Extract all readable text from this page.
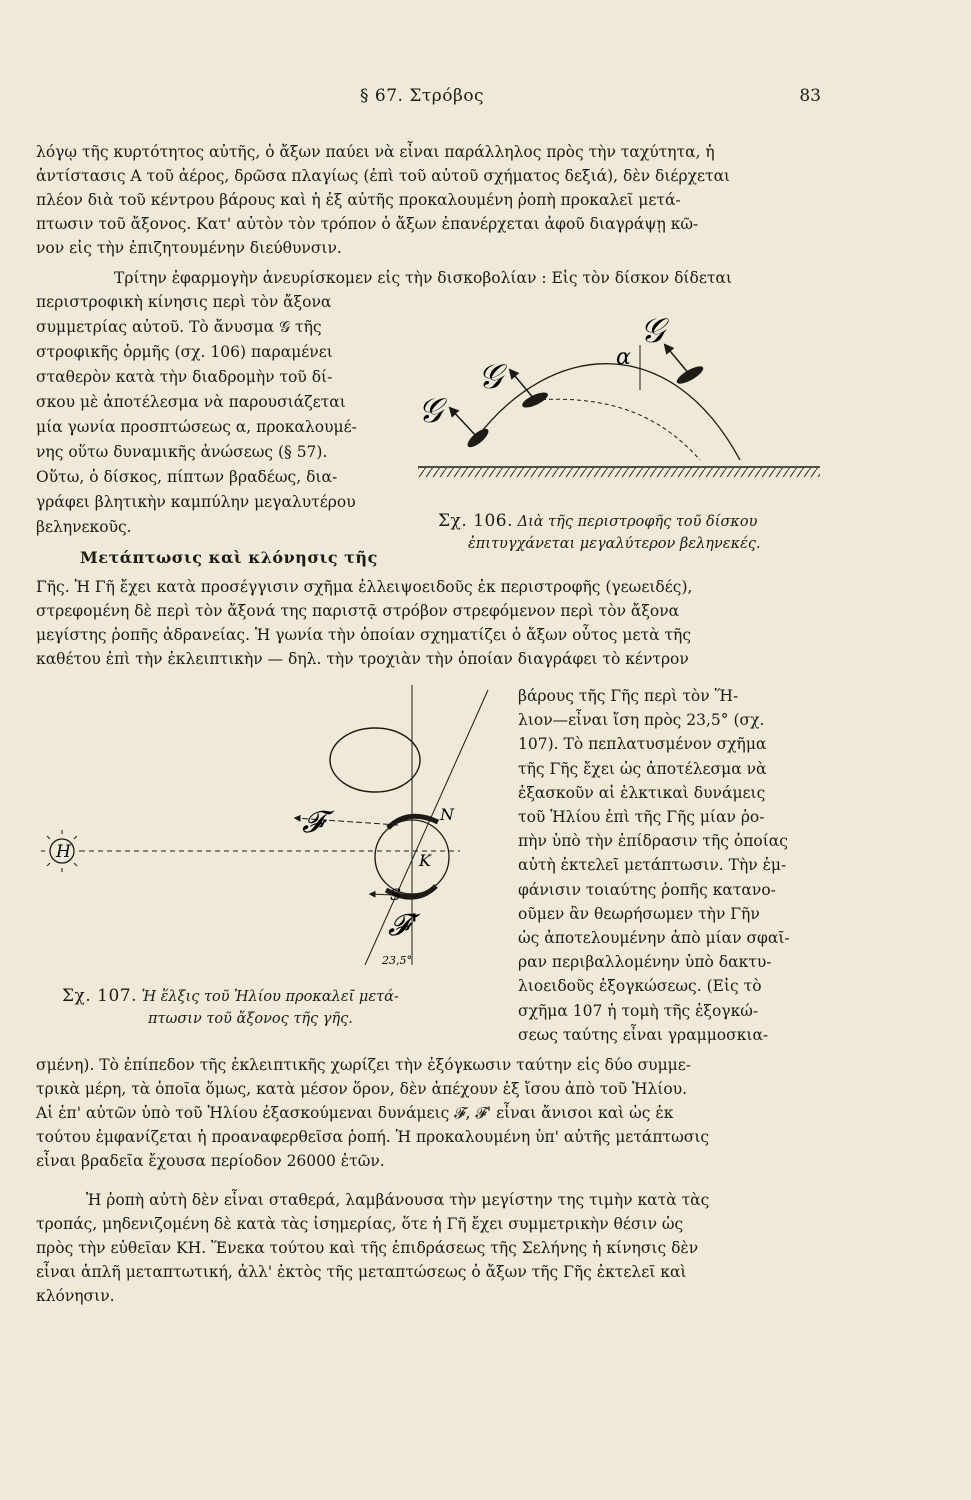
§ 67. Στρόβος	83
λόγῳ τῆς κυρτότητος αὐτῆς, ὁ ἄξων παύει νὰ εἶναι παράλληλος πρὸς τὴν ταχύτητα, ἡ
ἀντίστασις Α τοῦ ἀέρος, δρῶσα πλαγίως (ἐπὶ τοῦ αὐτοῦ σχήματος δεξιά), δὲν διέρχεται
πλέον διὰ τοῦ κέντρου βάρους καὶ ἡ ἐξ αὐτῆς προκαλουμένη ῥοπὴ προκαλεῖ μετά-
πτωσιν τοῦ ἄξονος. Κατ' αὐτὸν τὸν τρόπον ὁ ἄξων ἐπανέρχεται ἀφοῦ διαγράψῃ κῶ-
νον εἰς τὴν ἐπιζητουμένην διεύθυνσιν.
Τρίτην ἐφαρμογὴν ἀνευρίσκομεν εἰς τὴν δισκοβολίαν : Εἰς τὸν δίσκον δίδεται
περιστροφικὴ κίνησις περὶ τὸν ἄξονα
συμμετρίας αὐτοῦ. Τὸ ἄνυσμα 𝒢 τῆς
στροφικῆς ὁρμῆς (σχ. 106) παραμένει
σταθερὸν κατὰ τὴν διαδρομὴν τοῦ δί-
σκου μὲ ἀποτέλεσμα νὰ παρουσιάζεται
μία γωνία προσπτώσεως α, προκαλουμέ-
νης οὕτω δυναμικῆς ἀνώσεως (§ 57).
Οὕτω, ὁ δίσκος, πίπτων βραδέως, δια-
γράφει βλητικὴν καμπύλην μεγαλυτέρου
βεληνεκοῦς.
𝒢
𝒢
𝒢
α
Σχ. 106. Διὰ τῆς περιστροφῆς τοῦ δίσκου
ἐπιτυγχάνεται μεγαλύτερον βεληνεκές.
Μετάπτωσις καὶ κλόνησις τῆς
Γῆς. Ἡ Γῆ ἔχει κατὰ προσέγγισιν σχῆμα ἐλλειψοειδοῦς ἐκ περιστροφῆς (γεωειδές),
στρεφομένη δὲ περὶ τὸν ἄξονά της παριστᾷ στρόβον στρεφόμενον περὶ τὸν ἄξονα
μεγίστης ῥοπῆς ἀδρανείας. Ἡ γωνία τὴν ὁποίαν σχηματίζει ὁ ἄξων οὗτος μετὰ τῆς
καθέτου ἐπὶ τὴν ἐκλειπτικὴν — δηλ. τὴν τροχιὰν τὴν ὁποίαν διαγράφει τὸ κέντρον
βάρους τῆς Γῆς περὶ τὸν Ἥ-
λιον—εἶναι ἴση πρὸς 23,5° (σχ.
107). Τὸ πεπλατυσμένον σχῆμα
τῆς Γῆς ἔχει ὡς ἀποτέλεσμα νὰ
ἐξασκοῦν αἱ ἑλκτικαὶ δυνάμεις
τοῦ Ἡλίου ἐπὶ τῆς Γῆς μίαν ῥο-
πὴν ὑπὸ τὴν ἐπίδρασιν τῆς ὁποίας
αὐτὴ ἐκτελεῖ μετάπτωσιν. Τὴν ἐμ-
φάνισιν τοιαύτης ῥοπῆς κατανο-
οῦμεν ἂν θεωρήσωμεν τὴν Γῆν
ὡς ἀποτελουμένην ἀπὸ μίαν σφαῖ-
ραν περιβαλλομένην ὑπὸ δακτυ-
λιοειδοῦς ἐξογκώσεως. (Εἰς τὸ
σχῆμα 107 ἡ τομὴ τῆς ἐξογκώ-
σεως ταύτης εἶναι γραμμοσκια-
H
𝓕
𝓕'
N
K
S
23,5°
Σχ. 107. Ἡ ἕλξις τοῦ Ἡλίου προκαλεῖ μετά-
πτωσιν τοῦ ἄξονος τῆς γῆς.
σμένη). Τὸ ἐπίπεδον τῆς ἐκλειπτικῆς χωρίζει τὴν ἐξόγκωσιν ταύτην εἰς δύο συμμε-
τρικὰ μέρη, τὰ ὁποῖα ὅμως, κατὰ μέσον ὅρον, δὲν ἀπέχουν ἐξ ἴσου ἀπὸ τοῦ Ἡλίου.
Αἱ ἐπ' αὐτῶν ὑπὸ τοῦ Ἡλίου ἐξασκούμεναι δυνάμεις 𝓕, 𝓕' εἶναι ἄνισοι καὶ ὡς ἐκ
τούτου ἐμφανίζεται ἡ προαναφερθεῖσα ῥοπή. Ἡ προκαλουμένη ὑπ' αὐτῆς μετάπτωσις
εἶναι βραδεῖα ἔχουσα περίοδον 26000 ἐτῶν.
Ἡ ῥοπὴ αὐτὴ δὲν εἶναι σταθερά, λαμβάνουσα τὴν μεγίστην της τιμὴν κατὰ τὰς
τροπάς, μηδενιζομένη δὲ κατὰ τὰς ἰσημερίας, ὅτε ἡ Γῆ ἔχει συμμετρικὴν θέσιν ὡς
πρὸς τὴν εὐθεῖαν ΚΗ. Ἕνεκα τούτου καὶ τῆς ἐπιδράσεως τῆς Σελήνης ἡ κίνησις δὲν
εἶναι ἁπλῆ μεταπτωτική, ἀλλ' ἐκτὸς τῆς μεταπτώσεως ὁ ἄξων τῆς Γῆς ἐκτελεῖ καὶ
κλόνησιν.
